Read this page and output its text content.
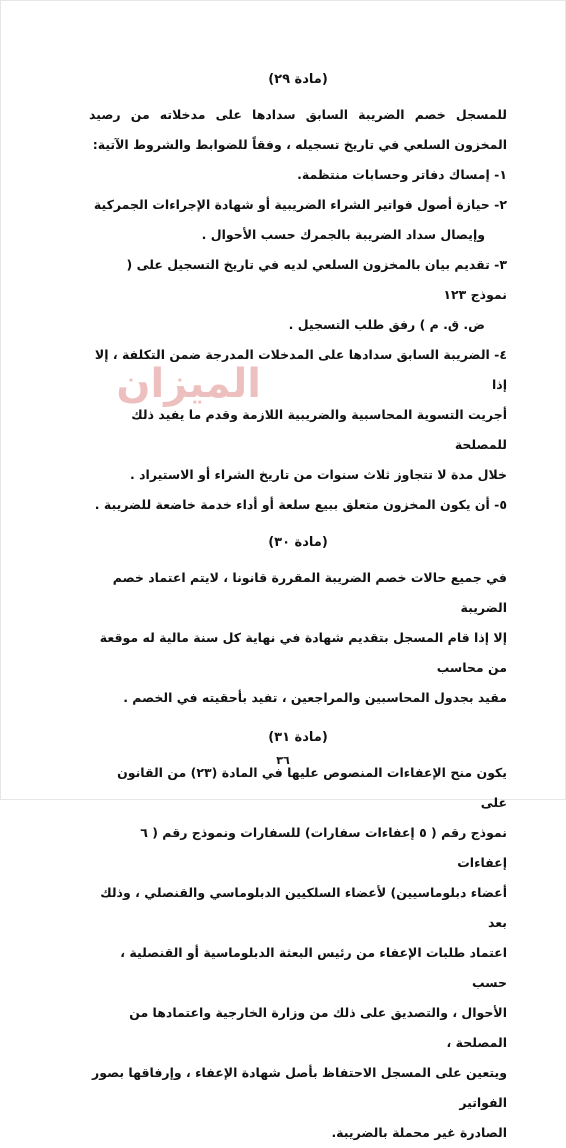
الميزان

(مادة ٢٩)

للمسجل خصم الضريبة السابق سدادها على مدخلاته من رصيد المخزون السلعي في تاريخ تسجيله ، وفقاً للضوابط والشروط الآتية:

١- إمساك دفاتر وحسابات منتظمة.

٢- حيازة أصول فواتير الشراء الضريبية أو شهادة الإجراءات الجمركية

وإيصال سداد الضريبة بالجمرك حسب الأحوال .

٣- تقديم بيان بالمخزون السلعي لديه في تاريخ التسجيل على ( نموذج ١٢٣

ض. ق. م ) رفق طلب التسجيل .

٤- الضريبة السابق سدادها على المدخلات المدرجة ضمن التكلفة ، إلا إذا

أجريت التسوية المحاسبية والضريبية اللازمة وقدم ما يفيد ذلك للمصلحة

خلال مدة لا تتجاوز ثلاث سنوات من تاريخ الشراء أو الاستيراد .

٥- أن يكون المخزون متعلق ببيع سلعة أو أداء خدمة خاضعة للضريبة .

(مادة ٣٠)

في جميع حالات خصم الضريبة المقررة قانونا ، لايتم اعتماد خصم الضريبة

إلا إذا قام المسجل بتقديم شهادة في نهاية كل سنة مالية له موقعة من محاسب

مقيد بجدول المحاسبين والمراجعين ، تفيد بأحقيته في الخصم .

(مادة ٣١)

يكون منح الإعفاءات المنصوص عليها في المادة (٢٣) من القانون على

نموذج رقم ( ٥ إعفاءات سفارات) للسفارات ونموذج رقم ( ٦ إعفاءات

أعضاء دبلوماسيين) لأعضاء السلكيين الدبلوماسي والقنصلي ، وذلك بعد

اعتماد طلبات الإعفاء من رئيس البعثة الدبلوماسية أو القنصلية ، حسب

الأحوال ، والتصديق على ذلك من وزارة الخارجية واعتمادها من المصلحة ،

ويتعين على المسجل الاحتفاظ بأصل شهادة الإعفاء ، وإرفاقها بصور الفواتير

الصادرة غير محملة بالضريبة.

٣٦
